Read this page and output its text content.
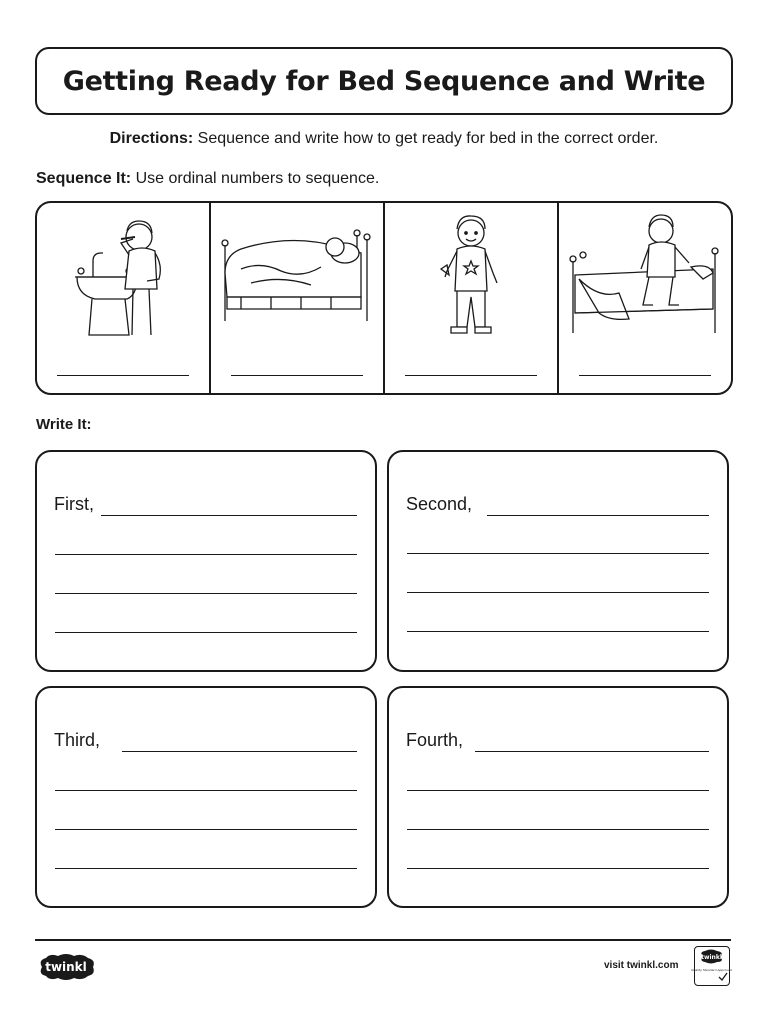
Getting Ready for Bed Sequence and Write
Directions: Sequence and write how to get ready for bed in the correct order.
Sequence It: Use ordinal numbers to sequence.
Write It:
First,	Second,
Third,	Fourth,
twinkl	visit twinkl.com
twinkl
Quality Standard Approved
